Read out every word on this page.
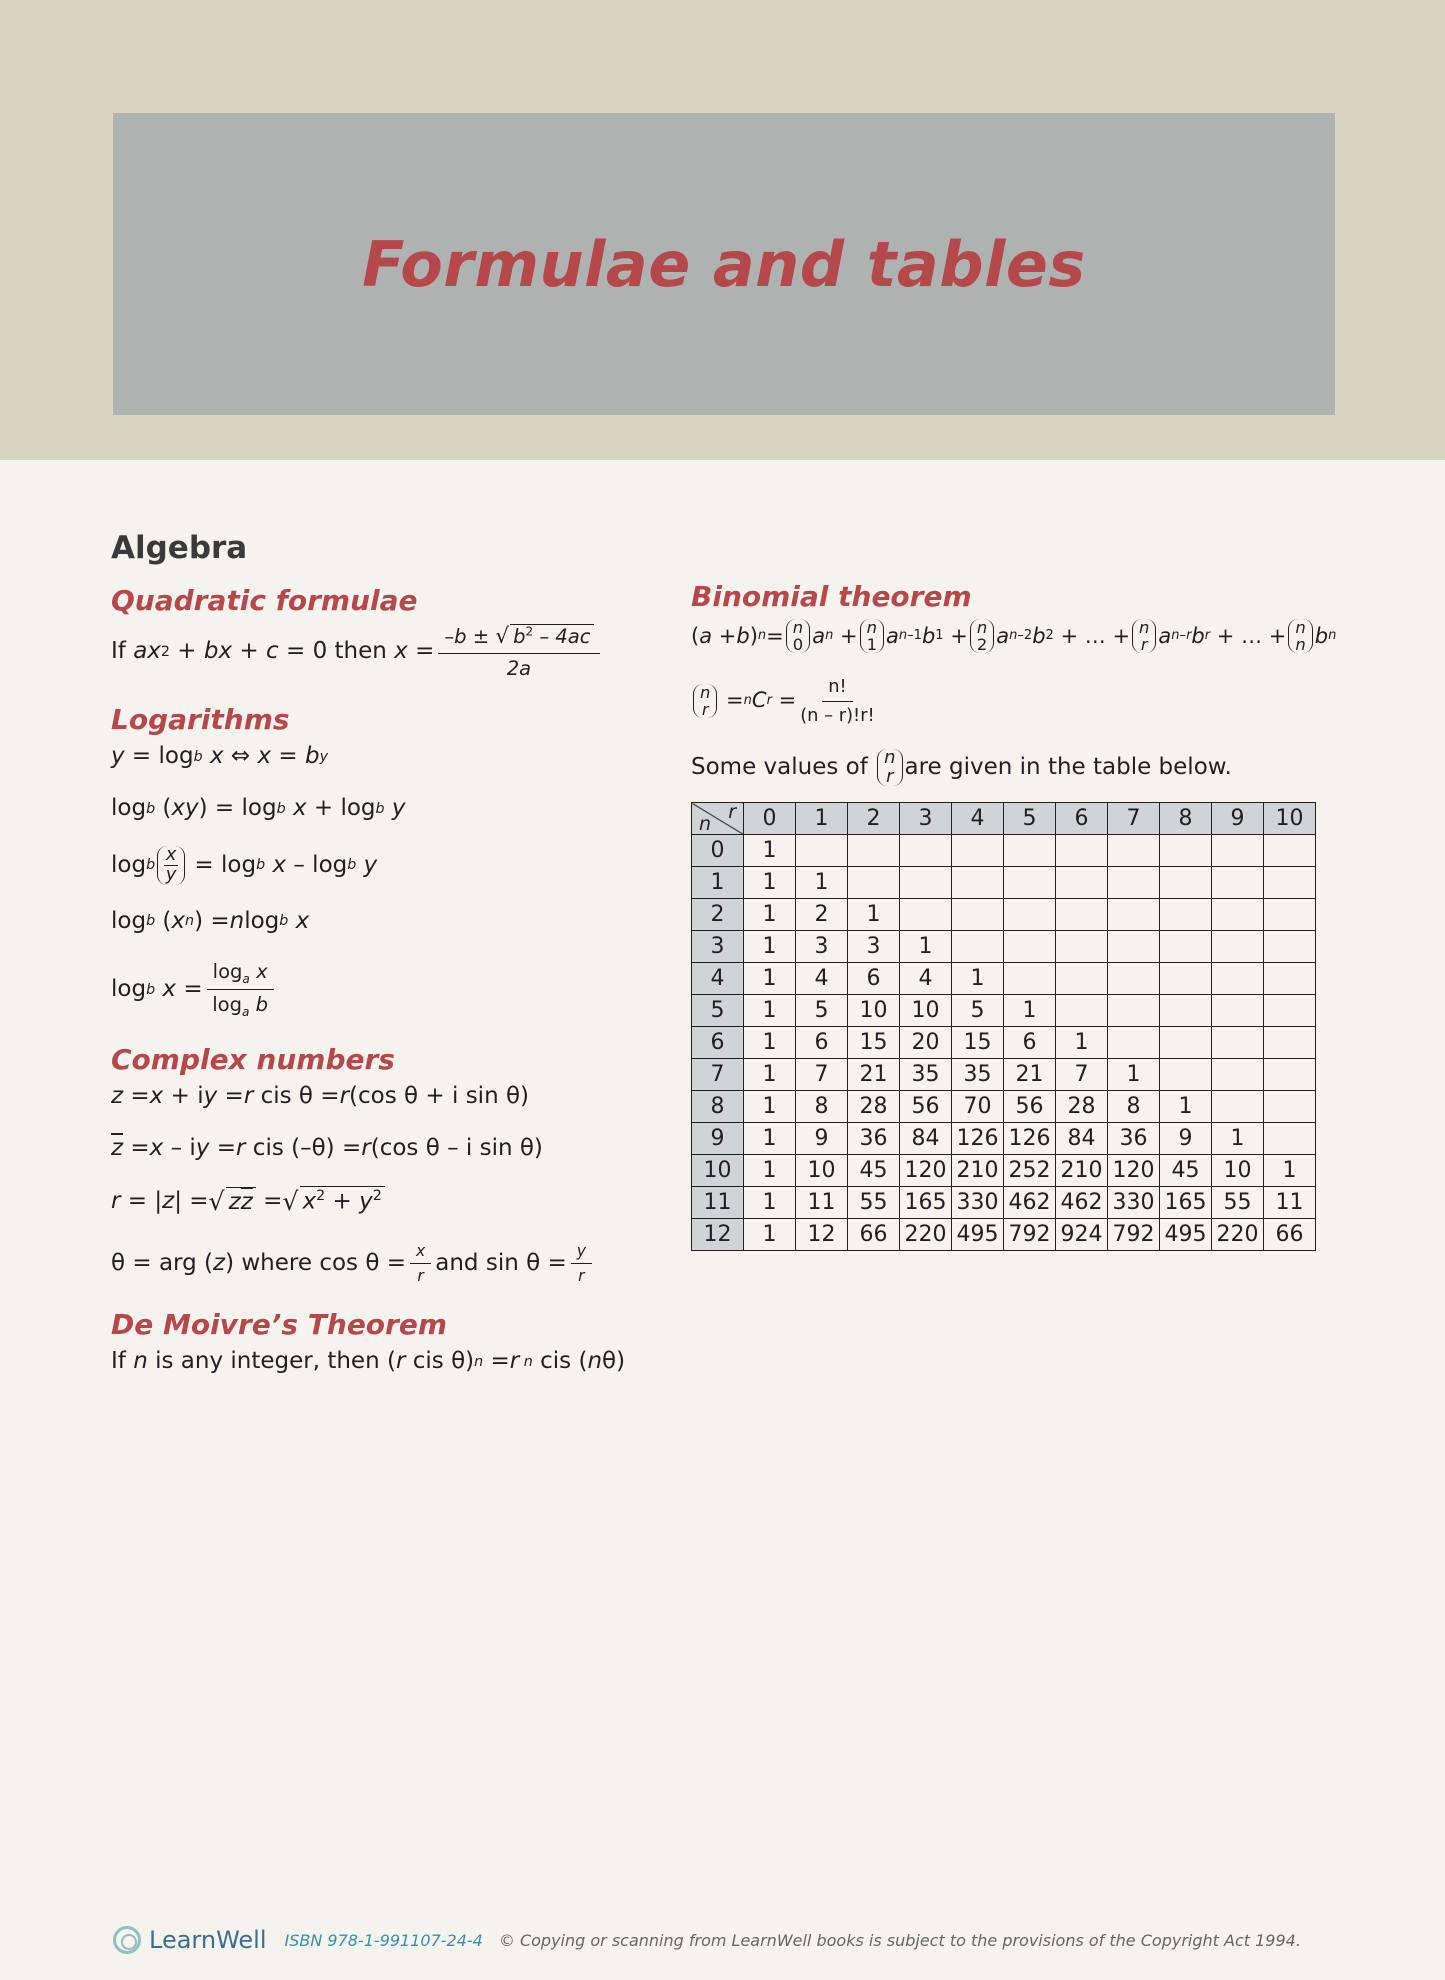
Formulae and tables
Algebra
Quadratic formulae
If
ax 2 + bx + c
= 0 then
$x = \frac{-b \pm √ b^2 - 4ac}{2a}$
Logarithms
y = log b
x ⇔ x = b y
log b ( xy ) = log b
x + log b
y
log b
x
y = log b
x – log b
y
log b ( x n ) = n log b
x
log b
$x = \frac{\log_a x}{\log_a b}$
Complex numbers
z = x + i y = r cis θ = r (cos θ + i sin θ)
$\overline{z} = x - i$ y = r cis (–θ) = r (cos θ – i sin θ)
r = | z | = √ $z\overline{z}$ = √ $x^2 + y^2$
θ = arg ( z ) where $\cos \theta = \frac{x}{r}$ and $\sin \theta = \frac{y}{r}$
De Moivre’s Theorem
If
n
is any integer, then ( r cis θ) n = r n cis ( n θ)
Binomial theorem
( a + b ) n = n
0 a n + n
1 a n–1 b 1 + n
2 a n–2 b 2 + … + n
r a n–r b r + … + n
n b n
n
r = n C $r = \frac{n!}{(n - r)!r!}$
Some values of
n
r are given in the table below.
n
r	0	1	2	3	4	5	6	7	8	9	10
0	1										
1	1	1									
2	1	2	1								
3	1	3	3	1							
4	1	4	6	4	1						
5	1	5	10	10	5	1					
6	1	6	15	20	15	6	1				
7	1	7	21	35	35	21	7	1			
8	1	8	28	56	70	56	28	8	1		
9	1	9	36	84	126	126	84	36	9	1	
10	1	10	45	120	210	252	210	120	45	10	1
11	1	11	55	165	330	462	462	330	165	55	11
12	1	12	66	220	495	792	924	792	495	220	66
LearnWell ISBN 978-1-991107-24-4 © Copying or scanning from LearnWell books is subject to the provisions of the Copyright Act 1994.
